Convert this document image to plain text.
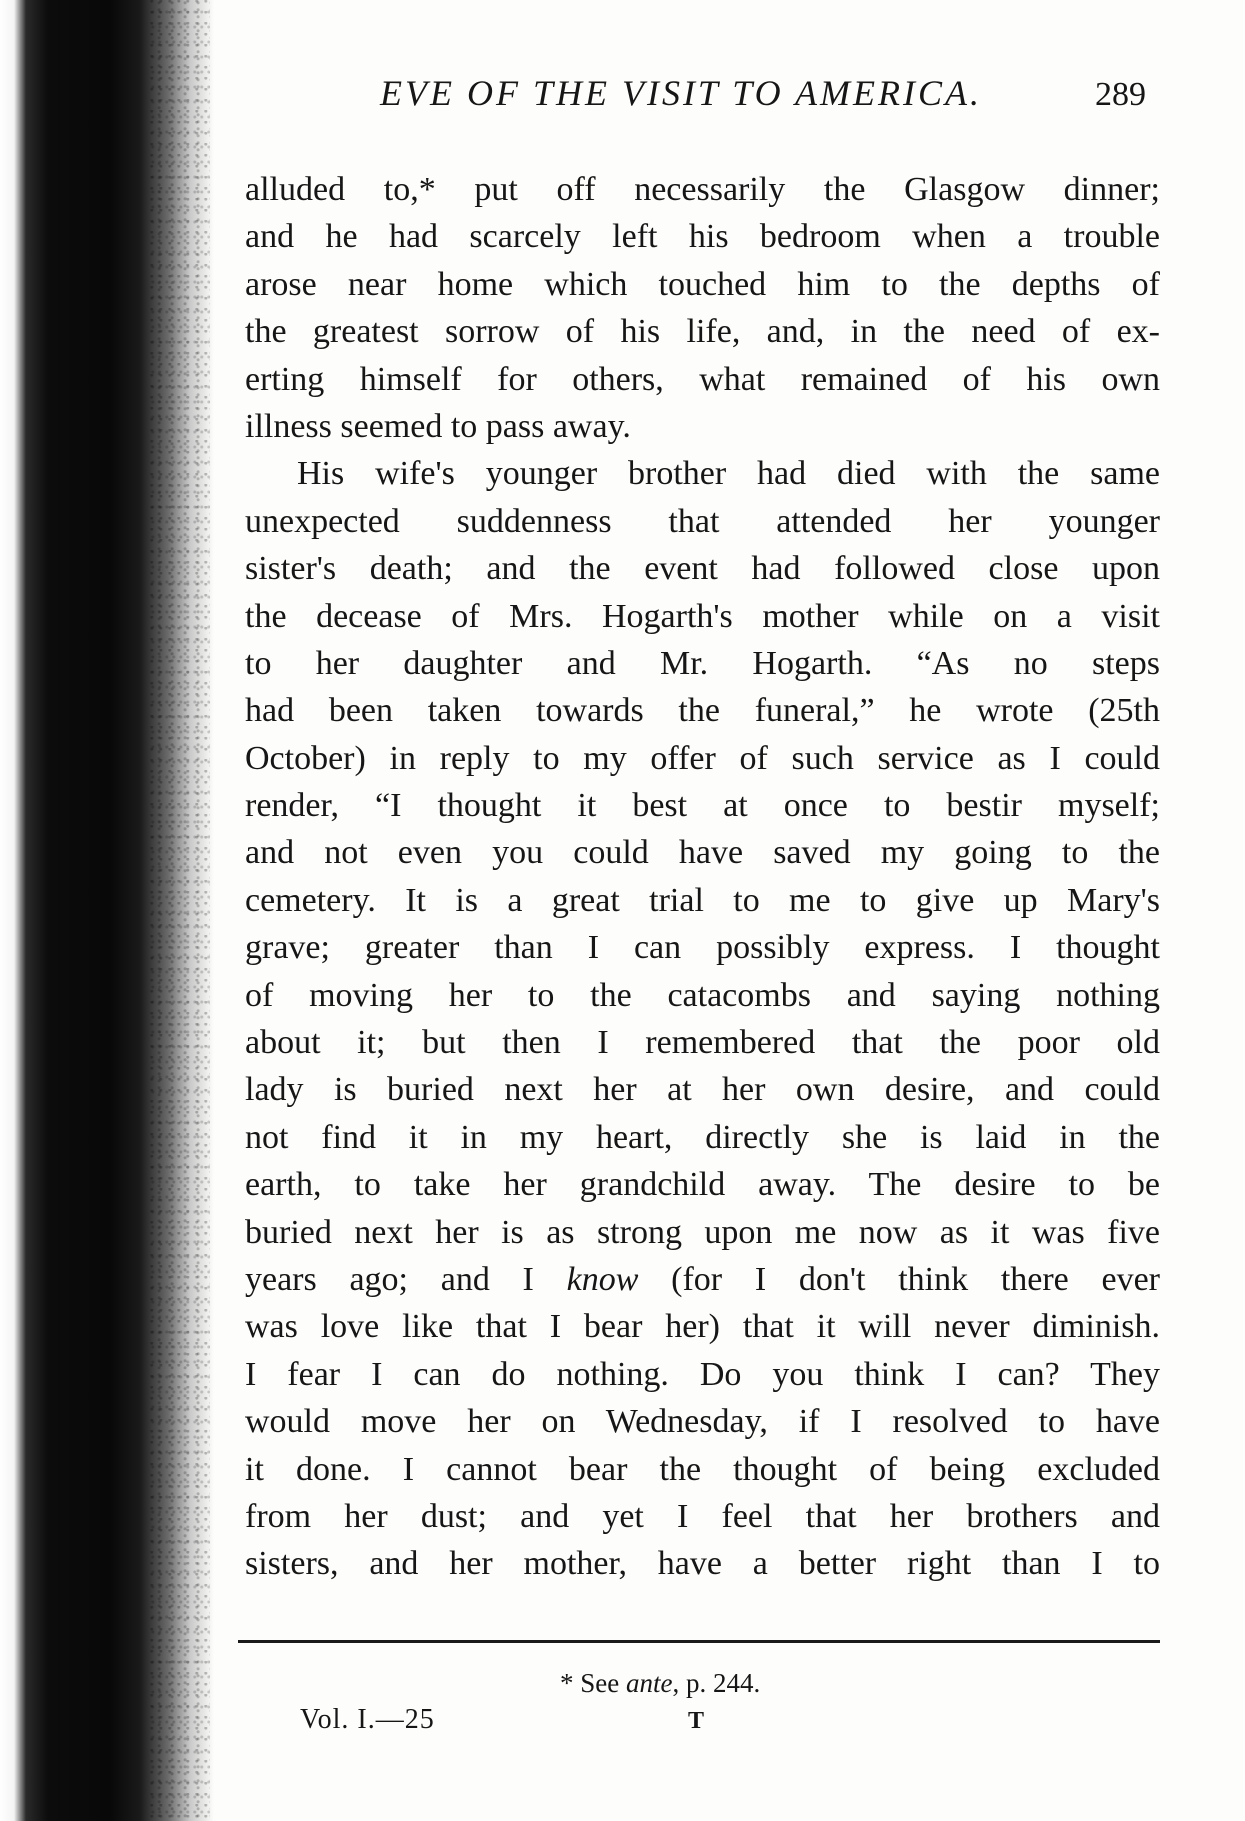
EVE OF THE VISIT TO AMERICA.	289
alluded to,* put off necessarily the Glasgow dinner;
and he had scarcely left his bedroom when a trouble
arose near home which touched him to the depths of
the greatest sorrow of his life, and, in the need of ex-
erting himself for others, what remained of his own
illness seemed to pass away.
His wife's younger brother had died with the same
unexpected suddenness that attended her younger
sister's death; and the event had followed close upon
the decease of Mrs. Hogarth's mother while on a visit
to her daughter and Mr. Hogarth. “As no steps
had been taken towards the funeral,” he wrote (25th
October) in reply to my offer of such service as I could
render, “I thought it best at once to bestir myself;
and not even you could have saved my going to the
cemetery. It is a great trial to me to give up Mary's
grave; greater than I can possibly express. I thought
of moving her to the catacombs and saying nothing
about it; but then I remembered that the poor old
lady is buried next her at her own desire, and could
not find it in my heart, directly she is laid in the
earth, to take her grandchild away. The desire to be
buried next her is as strong upon me now as it was five
years ago; and I know (for I don't think there ever
was love like that I bear her) that it will never diminish.
I fear I can do nothing. Do you think I can? They
would move her on Wednesday, if I resolved to have
it done. I cannot bear the thought of being excluded
from her dust; and yet I feel that her brothers and
sisters, and her mother, have a better right than I to
* See ante, p. 244.
Vol. I.—25	T
